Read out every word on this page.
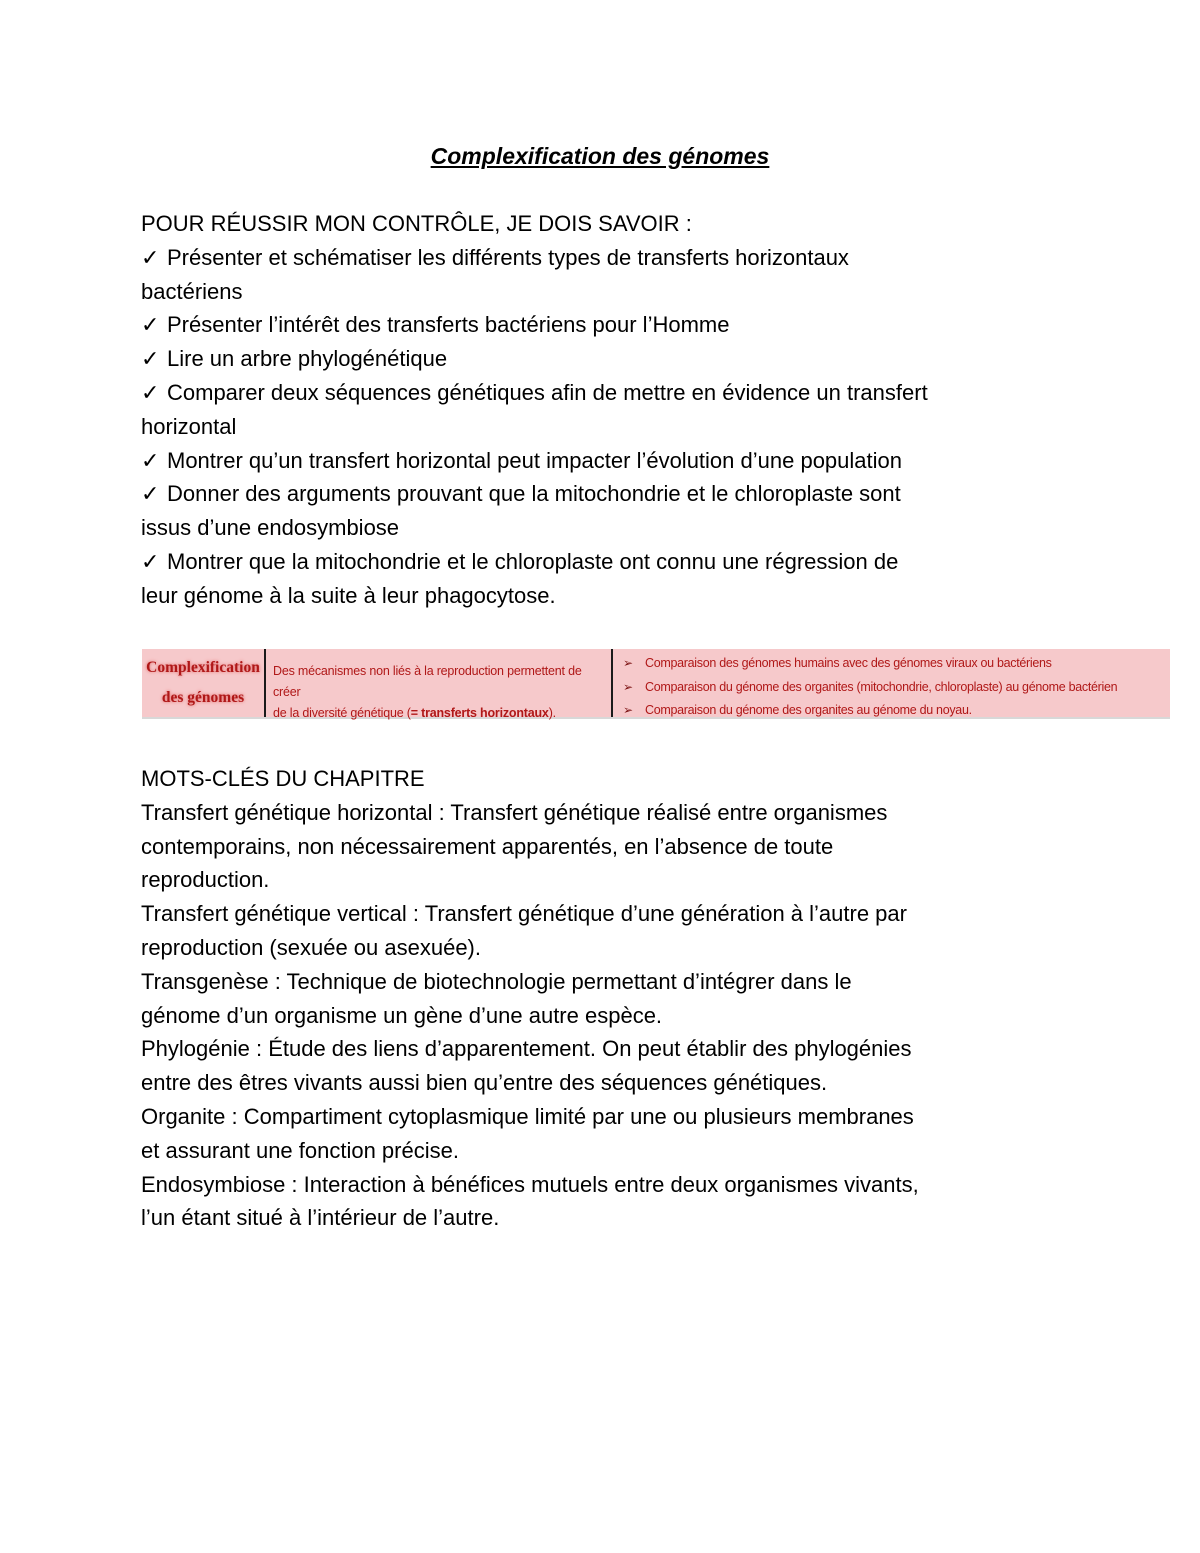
Complexification des génomes
POUR RÉUSSIR MON CONTRÔLE, JE DOIS SAVOIR :
✓ Présenter et schématiser les différents types de transferts horizontaux
bactériens
✓ Présenter l’intérêt des transferts bactériens pour l’Homme
✓ Lire un arbre phylogénétique
✓ Comparer deux séquences génétiques afin de mettre en évidence un transfert
horizontal
✓ Montrer qu’un transfert horizontal peut impacter l’évolution d’une population
✓ Donner des arguments prouvant que la mitochondrie et le chloroplaste sont
issus d’une endosymbiose
✓ Montrer que la mitochondrie et le chloroplaste ont connu une régression de
leur génome à la suite à leur phagocytose.
Complexification
des génomes
Des mécanismes non liés à la reproduction permettent de créer
de la diversité génétique (= transferts horizontaux).
➢ Comparaison des génomes humains avec des génomes viraux ou bactériens
➢ Comparaison du génome des organites (mitochondrie, chloroplaste) au génome bactérien
➢ Comparaison du génome des organites au génome du noyau.
MOTS-CLÉS DU CHAPITRE
Transfert génétique horizontal : Transfert génétique réalisé entre organismes
contemporains, non nécessairement apparentés, en l’absence de toute
reproduction.
Transfert génétique vertical : Transfert génétique d’une génération à l’autre par
reproduction (sexuée ou asexuée).
Transgenèse : Technique de biotechnologie permettant d’intégrer dans le
génome d’un organisme un gène d’une autre espèce.
Phylogénie : Étude des liens d’apparentement. On peut établir des phylogénies
entre des êtres vivants aussi bien qu’entre des séquences génétiques.
Organite : Compartiment cytoplasmique limité par une ou plusieurs membranes
et assurant une fonction précise.
Endosymbiose : Interaction à bénéfices mutuels entre deux organismes vivants,
l’un étant situé à l’intérieur de l’autre.
